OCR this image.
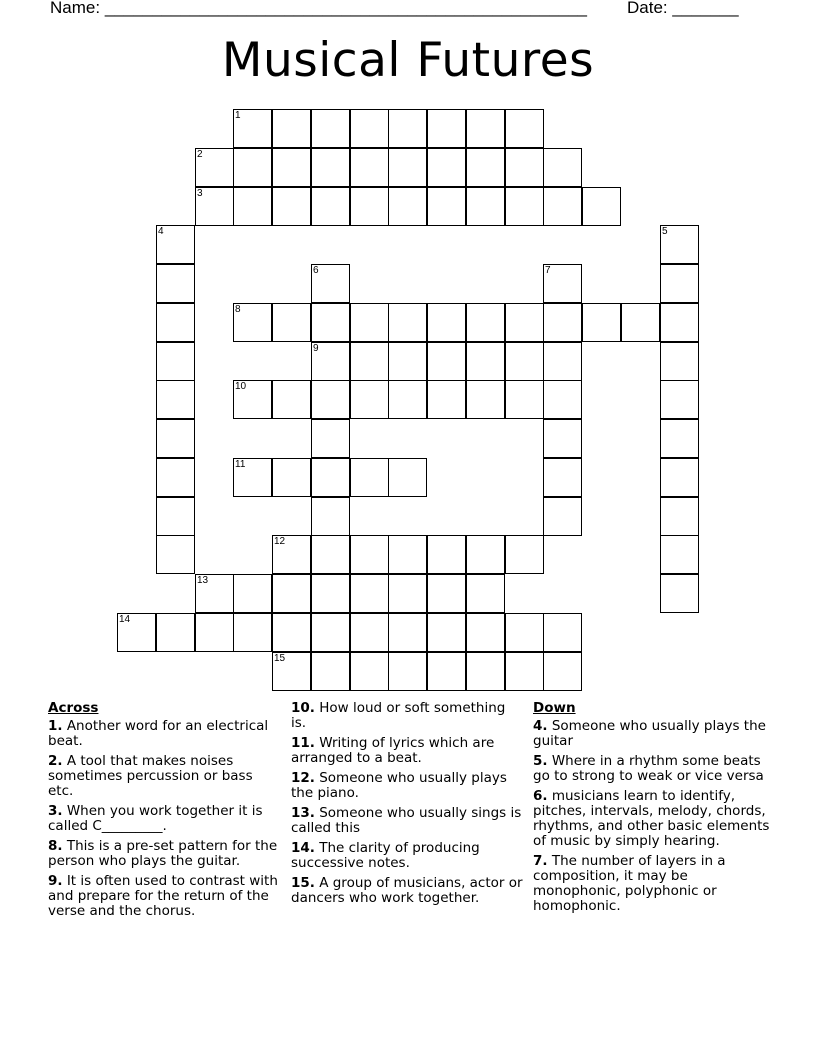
Name: ___________________________________________________ Date: _______
Musical Futures
1
2
3
4	5
6
9
7
8
10
11
12
13
14
15
Across
1. Another word for an electrical beat.
2. A tool that makes noises sometimes percussion or bass etc.
3. When you work together it is called C_________.
8. This is a pre-set pattern for the person who plays the guitar.
9. It is often used to contrast with and prepare for the return of the verse and the chorus.
10. How loud or soft something is.
11. Writing of lyrics which are arranged to a beat.
12. Someone who usually plays the piano.
13. Someone who usually sings is called this
14. The clarity of producing successive notes.
15. A group of musicians, actor or dancers who work together.
Down
4. Someone who usually plays the guitar
5. Where in a rhythm some beats go to strong to weak or vice versa
6. musicians learn to identify, pitches, intervals, melody, chords, rhythms, and other basic elements of music by simply hearing.
7. The number of layers in a composition, it may be monophonic, polyphonic or homophonic.
